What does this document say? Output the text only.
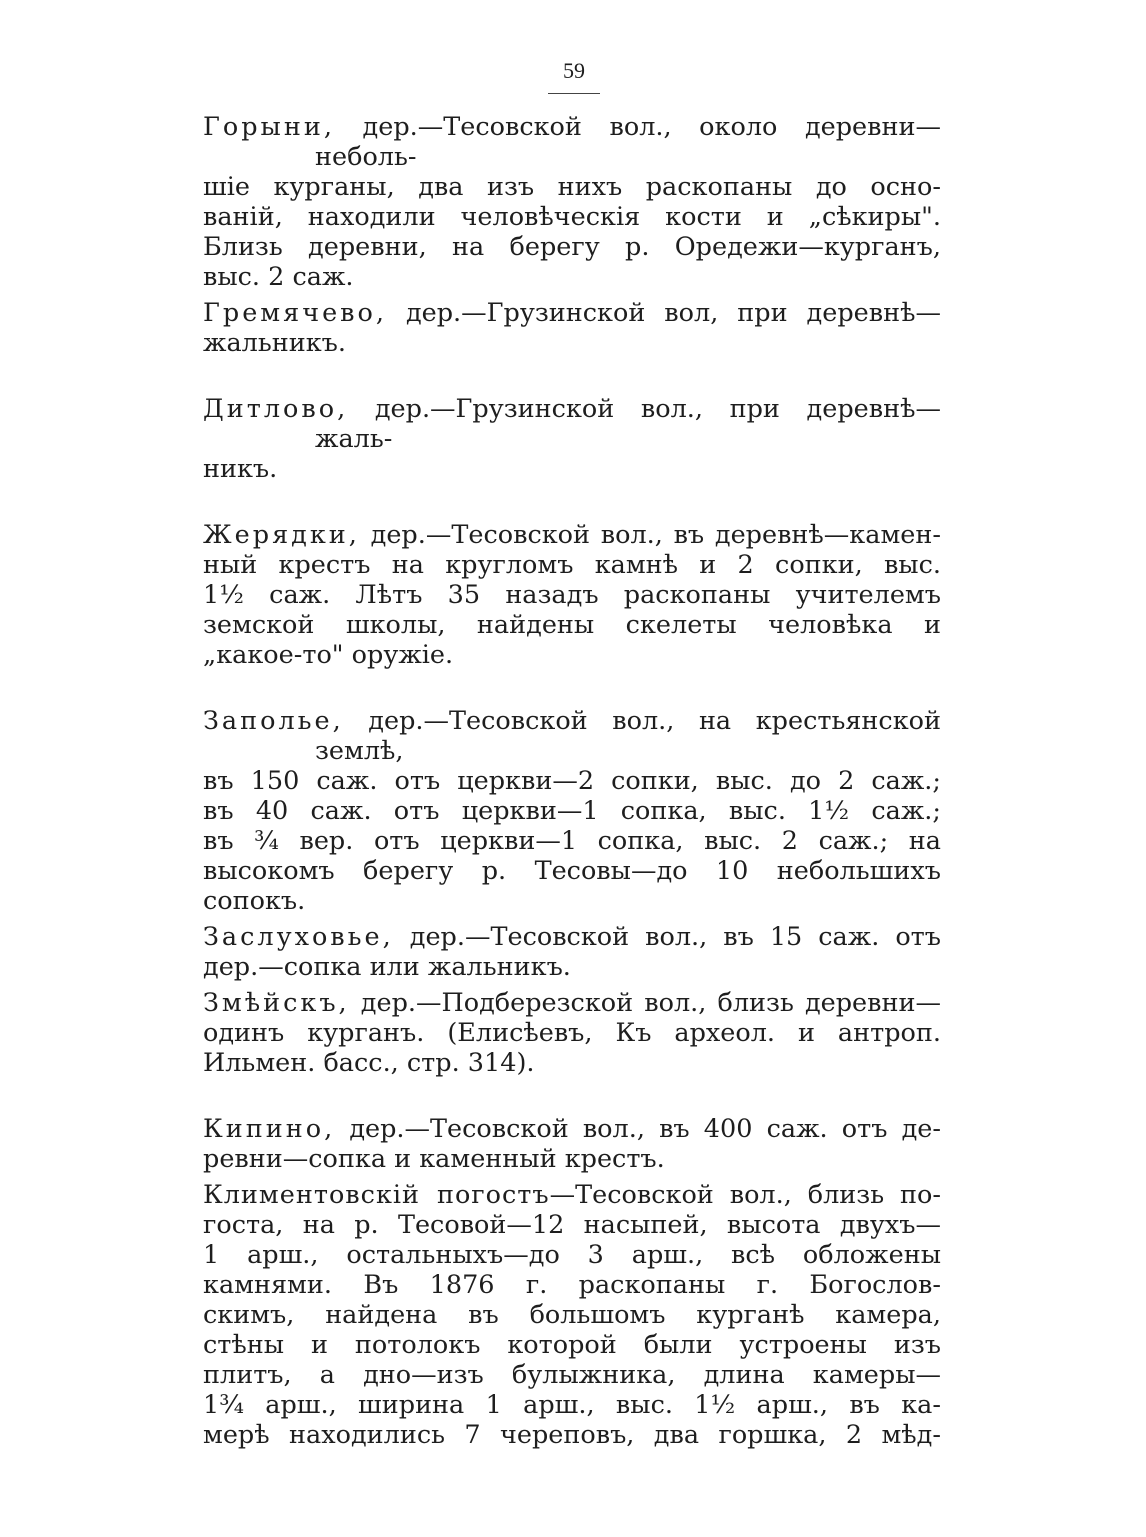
59
Горыни, дер.—Тесовской вол., около деревни—неболь-
шіе курганы, два изъ нихъ раскопаны до осно-
ваній, находили человѣческія кости и „сѣкиры".
Близь деревни, на берегу р. Оредежи—курганъ,
выс. 2 саж.
Гремячево, дер.—Грузинской вол, при деревнѣ—
жальникъ.
Дитлово, дер.—Грузинской вол., при деревнѣ—жаль-
никъ.
Жерядки, дер.—Тесовской вол., въ деревнѣ—камен-
ный крестъ на кругломъ камнѣ и 2 сопки, выс.
1½ саж. Лѣтъ 35 назадъ раскопаны учителемъ
земской школы, найдены скелеты человѣка и
„какое-то" оружіе.
Заполье, дер.—Тесовской вол., на крестьянской землѣ,
въ 150 саж. отъ церкви—2 сопки, выс. до 2 саж.;
въ 40 саж. отъ церкви—1 сопка, выс. 1½ саж.;
въ ¾ вер. отъ церкви—1 сопка, выс. 2 саж.; на
высокомъ берегу р. Тесовы—до 10 небольшихъ
сопокъ.
Заслуховье, дер.—Тесовской вол., въ 15 саж. отъ
дер.—сопка или жальникъ.
Змѣйскъ, дер.—Подберезской вол., близь деревни—
одинъ курганъ. (Елисѣевъ, Къ археол. и антроп.
Ильмен. басс., стр. 314).
Кипино, дер.—Тесовской вол., въ 400 саж. отъ де-
ревни—сопка и каменный крестъ.
Климентовскій погостъ—Тесовской вол., близь по-
госта, на р. Тесовой—12 насыпей, высота двухъ—
1 арш., остальныхъ—до 3 арш., всѣ обложены
камнями. Въ 1876 г. раскопаны г. Богослов-
скимъ, найдена въ большомъ курганѣ камера,
стѣны и потолокъ которой были устроены изъ
плитъ, а дно—изъ булыжника, длина камеры—
1¾ арш., ширина 1 арш., выс. 1½ арш., въ ка-
мерѣ находились 7 череповъ, два горшка, 2 мѣд-
